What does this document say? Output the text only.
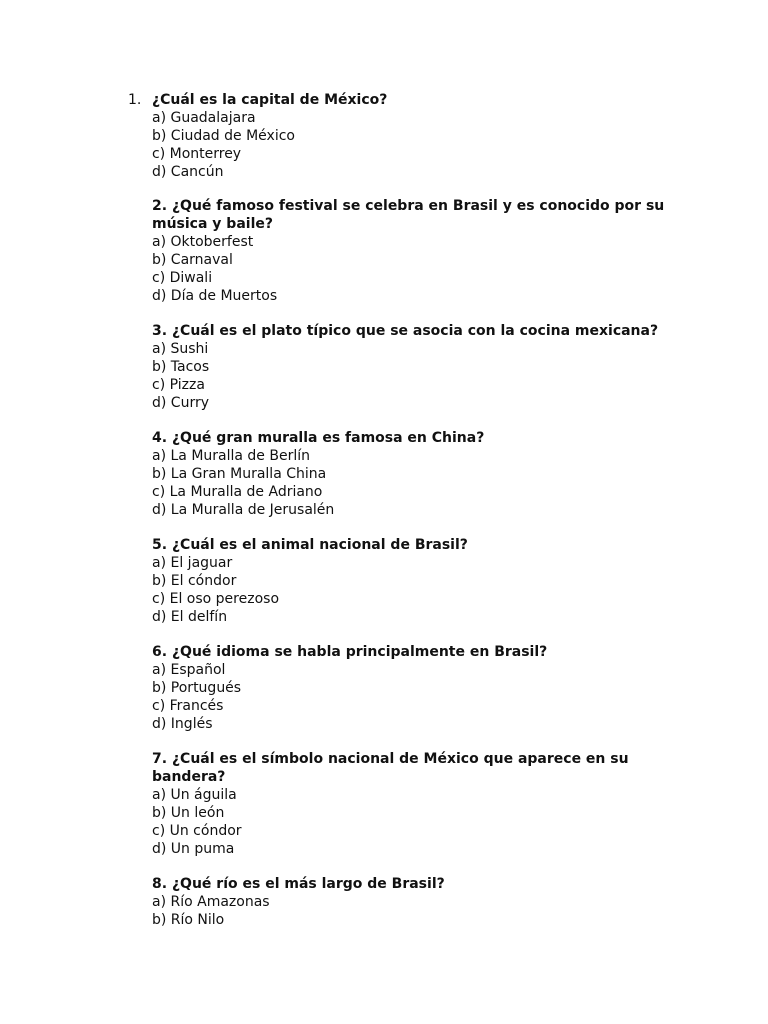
1. ¿Cuál es la capital de México?
a) Guadalajara
b) Ciudad de México
c) Monterrey
d) Cancún
2. ¿Qué famoso festival se celebra en Brasil y es conocido por su música y baile?
a) Oktoberfest
b) Carnaval
c) Diwali
d) Día de Muertos
3. ¿Cuál es el plato típico que se asocia con la cocina mexicana?
a) Sushi
b) Tacos
c) Pizza
d) Curry
4. ¿Qué gran muralla es famosa en China?
a) La Muralla de Berlín
b) La Gran Muralla China
c) La Muralla de Adriano
d) La Muralla de Jerusalén
5. ¿Cuál es el animal nacional de Brasil?
a) El jaguar
b) El cóndor
c) El oso perezoso
d) El delfín
6. ¿Qué idioma se habla principalmente en Brasil?
a) Español
b) Portugués
c) Francés
d) Inglés
7. ¿Cuál es el símbolo nacional de México que aparece en su bandera?
a) Un águila
b) Un león
c) Un cóndor
d) Un puma
8. ¿Qué río es el más largo de Brasil?
a) Río Amazonas
b) Río Nilo
